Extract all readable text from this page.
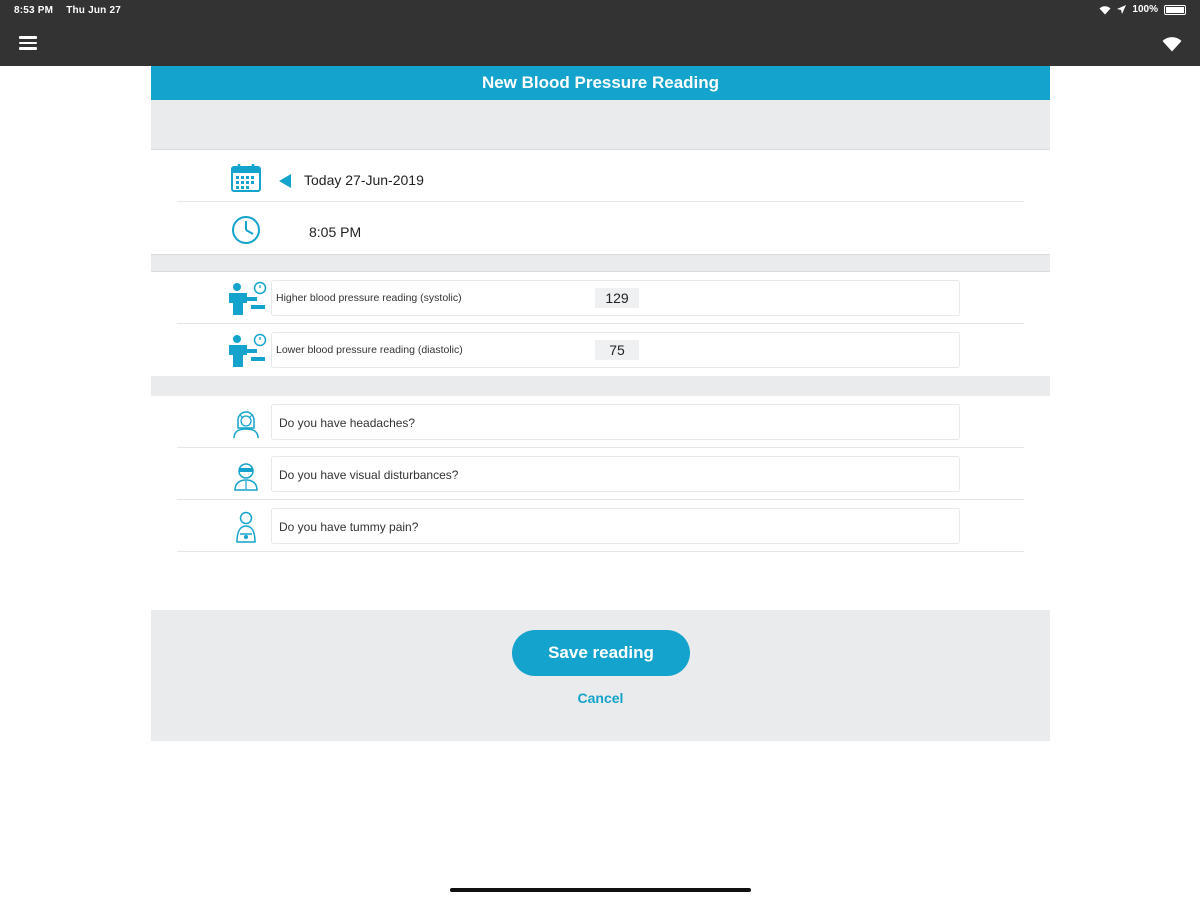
8:53 PM Thu Jun 27	100%
New Blood Pressure Reading
Today 27-Jun-2019
8:05 PM
Higher blood pressure reading (systolic)	129
Lower blood pressure reading (diastolic)	75
Do you have headaches?
Do you have visual disturbances?
Do you have tummy pain?
Save reading
Cancel
